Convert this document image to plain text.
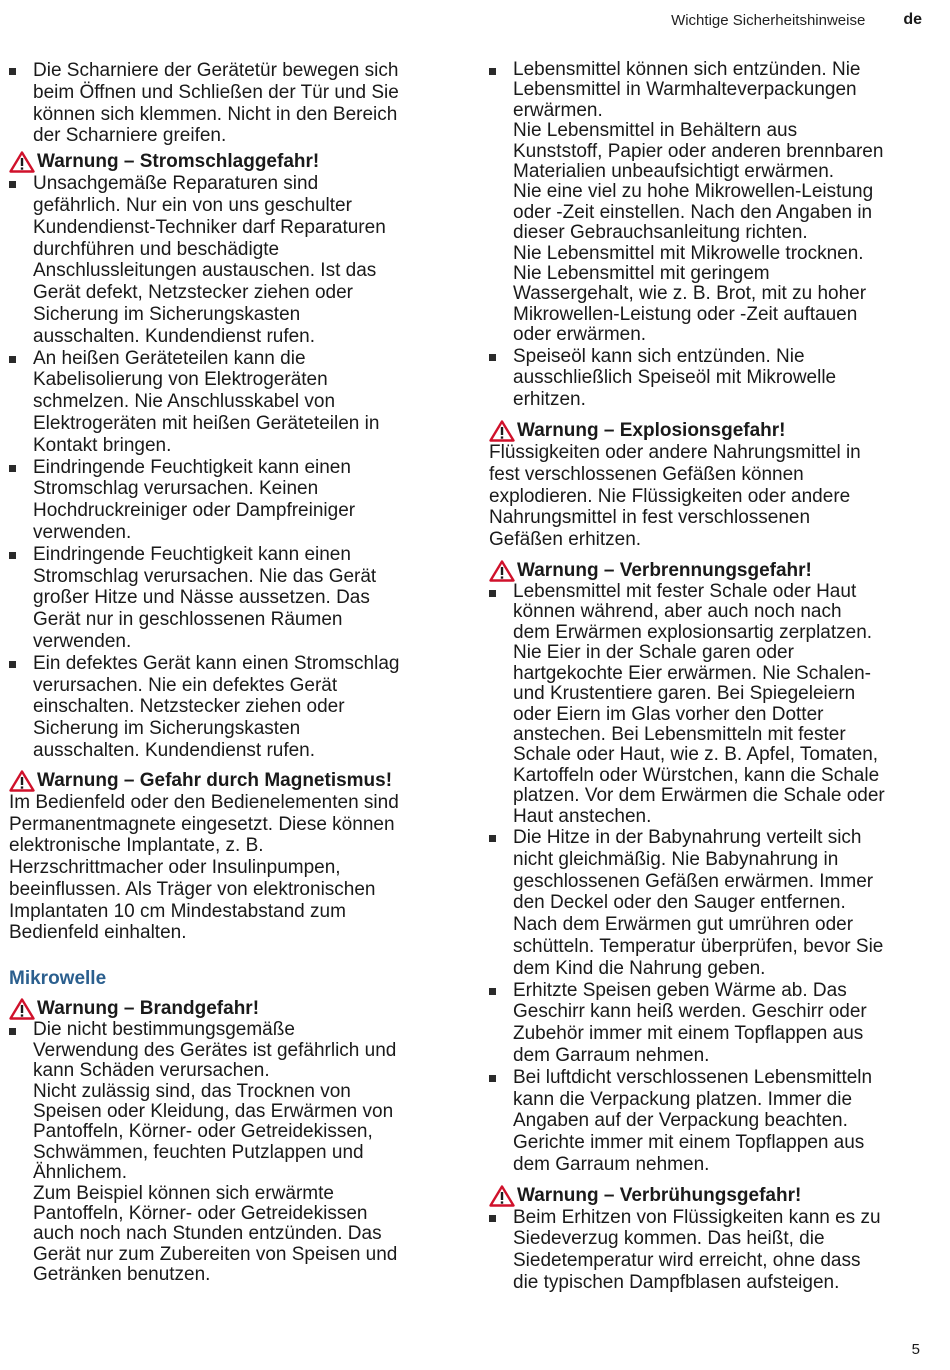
Wichtige Sicherheitshinweise de
Die Scharniere der Gerätetür bewegen sich
beim Öffnen und Schließen der Tür und Sie
können sich klemmen. Nicht in den Bereich
der Scharniere greifen.
Warnung – Stromschlaggefahr!
Unsachgemäße Reparaturen sind
gefährlich. Nur ein von uns geschulter
Kundendienst-Techniker darf Reparaturen
durchführen und beschädigte
Anschlussleitungen austauschen. Ist das
Gerät defekt, Netzstecker ziehen oder
Sicherung im Sicherungskasten
ausschalten. Kundendienst rufen.
An heißen Geräteteilen kann die
Kabelisolierung von Elektrogeräten
schmelzen. Nie Anschlusskabel von
Elektrogeräten mit heißen Geräteteilen in
Kontakt bringen.
Eindringende Feuchtigkeit kann einen
Stromschlag verursachen. Keinen
Hochdruckreiniger oder Dampfreiniger
verwenden.
Eindringende Feuchtigkeit kann einen
Stromschlag verursachen. Nie das Gerät
großer Hitze und Nässe aussetzen. Das
Gerät nur in geschlossenen Räumen
verwenden.
Ein defektes Gerät kann einen Stromschlag
verursachen. Nie ein defektes Gerät
einschalten. Netzstecker ziehen oder
Sicherung im Sicherungskasten
ausschalten. Kundendienst rufen.
Warnung – Gefahr durch Magnetismus!
Im Bedienfeld oder den Bedienelementen sind
Permanentmagnete eingesetzt. Diese können
elektronische Implantate, z. B.
Herzschrittmacher oder Insulinpumpen,
beeinflussen. Als Träger von elektronischen
Implantaten 10 cm Mindestabstand zum
Bedienfeld einhalten.
Mikrowelle
Warnung – Brandgefahr!
Die nicht bestimmungsgemäße
Verwendung des Gerätes ist gefährlich und
kann Schäden verursachen.
Nicht zulässig sind, das Trocknen von
Speisen oder Kleidung, das Erwärmen von
Pantoffeln, Körner- oder Getreidekissen,
Schwämmen, feuchten Putzlappen und
Ähnlichem.
Zum Beispiel können sich erwärmte
Pantoffeln, Körner- oder Getreidekissen
auch noch nach Stunden entzünden. Das
Gerät nur zum Zubereiten von Speisen und
Getränken benutzen.
Lebensmittel können sich entzünden. Nie
Lebensmittel in Warmhalteverpackungen
erwärmen.
Nie Lebensmittel in Behältern aus
Kunststoff, Papier oder anderen brennbaren
Materialien unbeaufsichtigt erwärmen.
Nie eine viel zu hohe Mikrowellen-Leistung
oder -Zeit einstellen. Nach den Angaben in
dieser Gebrauchsanleitung richten.
Nie Lebensmittel mit Mikrowelle trocknen.
Nie Lebensmittel mit geringem
Wassergehalt, wie z. B. Brot, mit zu hoher
Mikrowellen-Leistung oder -Zeit auftauen
oder erwärmen.
Speiseöl kann sich entzünden. Nie
ausschließlich Speiseöl mit Mikrowelle
erhitzen.
Warnung – Explosionsgefahr!
Flüssigkeiten oder andere Nahrungsmittel in
fest verschlossenen Gefäßen können
explodieren. Nie Flüssigkeiten oder andere
Nahrungsmittel in fest verschlossenen
Gefäßen erhitzen.
Warnung – Verbrennungsgefahr!
Lebensmittel mit fester Schale oder Haut
können während, aber auch noch nach
dem Erwärmen explosionsartig zerplatzen.
Nie Eier in der Schale garen oder
hartgekochte Eier erwärmen. Nie Schalen-
und Krustentiere garen. Bei Spiegeleiern
oder Eiern im Glas vorher den Dotter
anstechen. Bei Lebensmitteln mit fester
Schale oder Haut, wie z. B. Apfel, Tomaten,
Kartoffeln oder Würstchen, kann die Schale
platzen. Vor dem Erwärmen die Schale oder
Haut anstechen.
Die Hitze in der Babynahrung verteilt sich
nicht gleichmäßig. Nie Babynahrung in
geschlossenen Gefäßen erwärmen. Immer
den Deckel oder den Sauger entfernen.
Nach dem Erwärmen gut umrühren oder
schütteln. Temperatur überprüfen, bevor Sie
dem Kind die Nahrung geben.
Erhitzte Speisen geben Wärme ab. Das
Geschirr kann heiß werden. Geschirr oder
Zubehör immer mit einem Topflappen aus
dem Garraum nehmen.
Bei luftdicht verschlossenen Lebensmitteln
kann die Verpackung platzen. Immer die
Angaben auf der Verpackung beachten.
Gerichte immer mit einem Topflappen aus
dem Garraum nehmen.
Warnung – Verbrühungsgefahr!
Beim Erhitzen von Flüssigkeiten kann es zu
Siedeverzug kommen. Das heißt, die
Siedetemperatur wird erreicht, ohne dass
die typischen Dampfblasen aufsteigen.
5
